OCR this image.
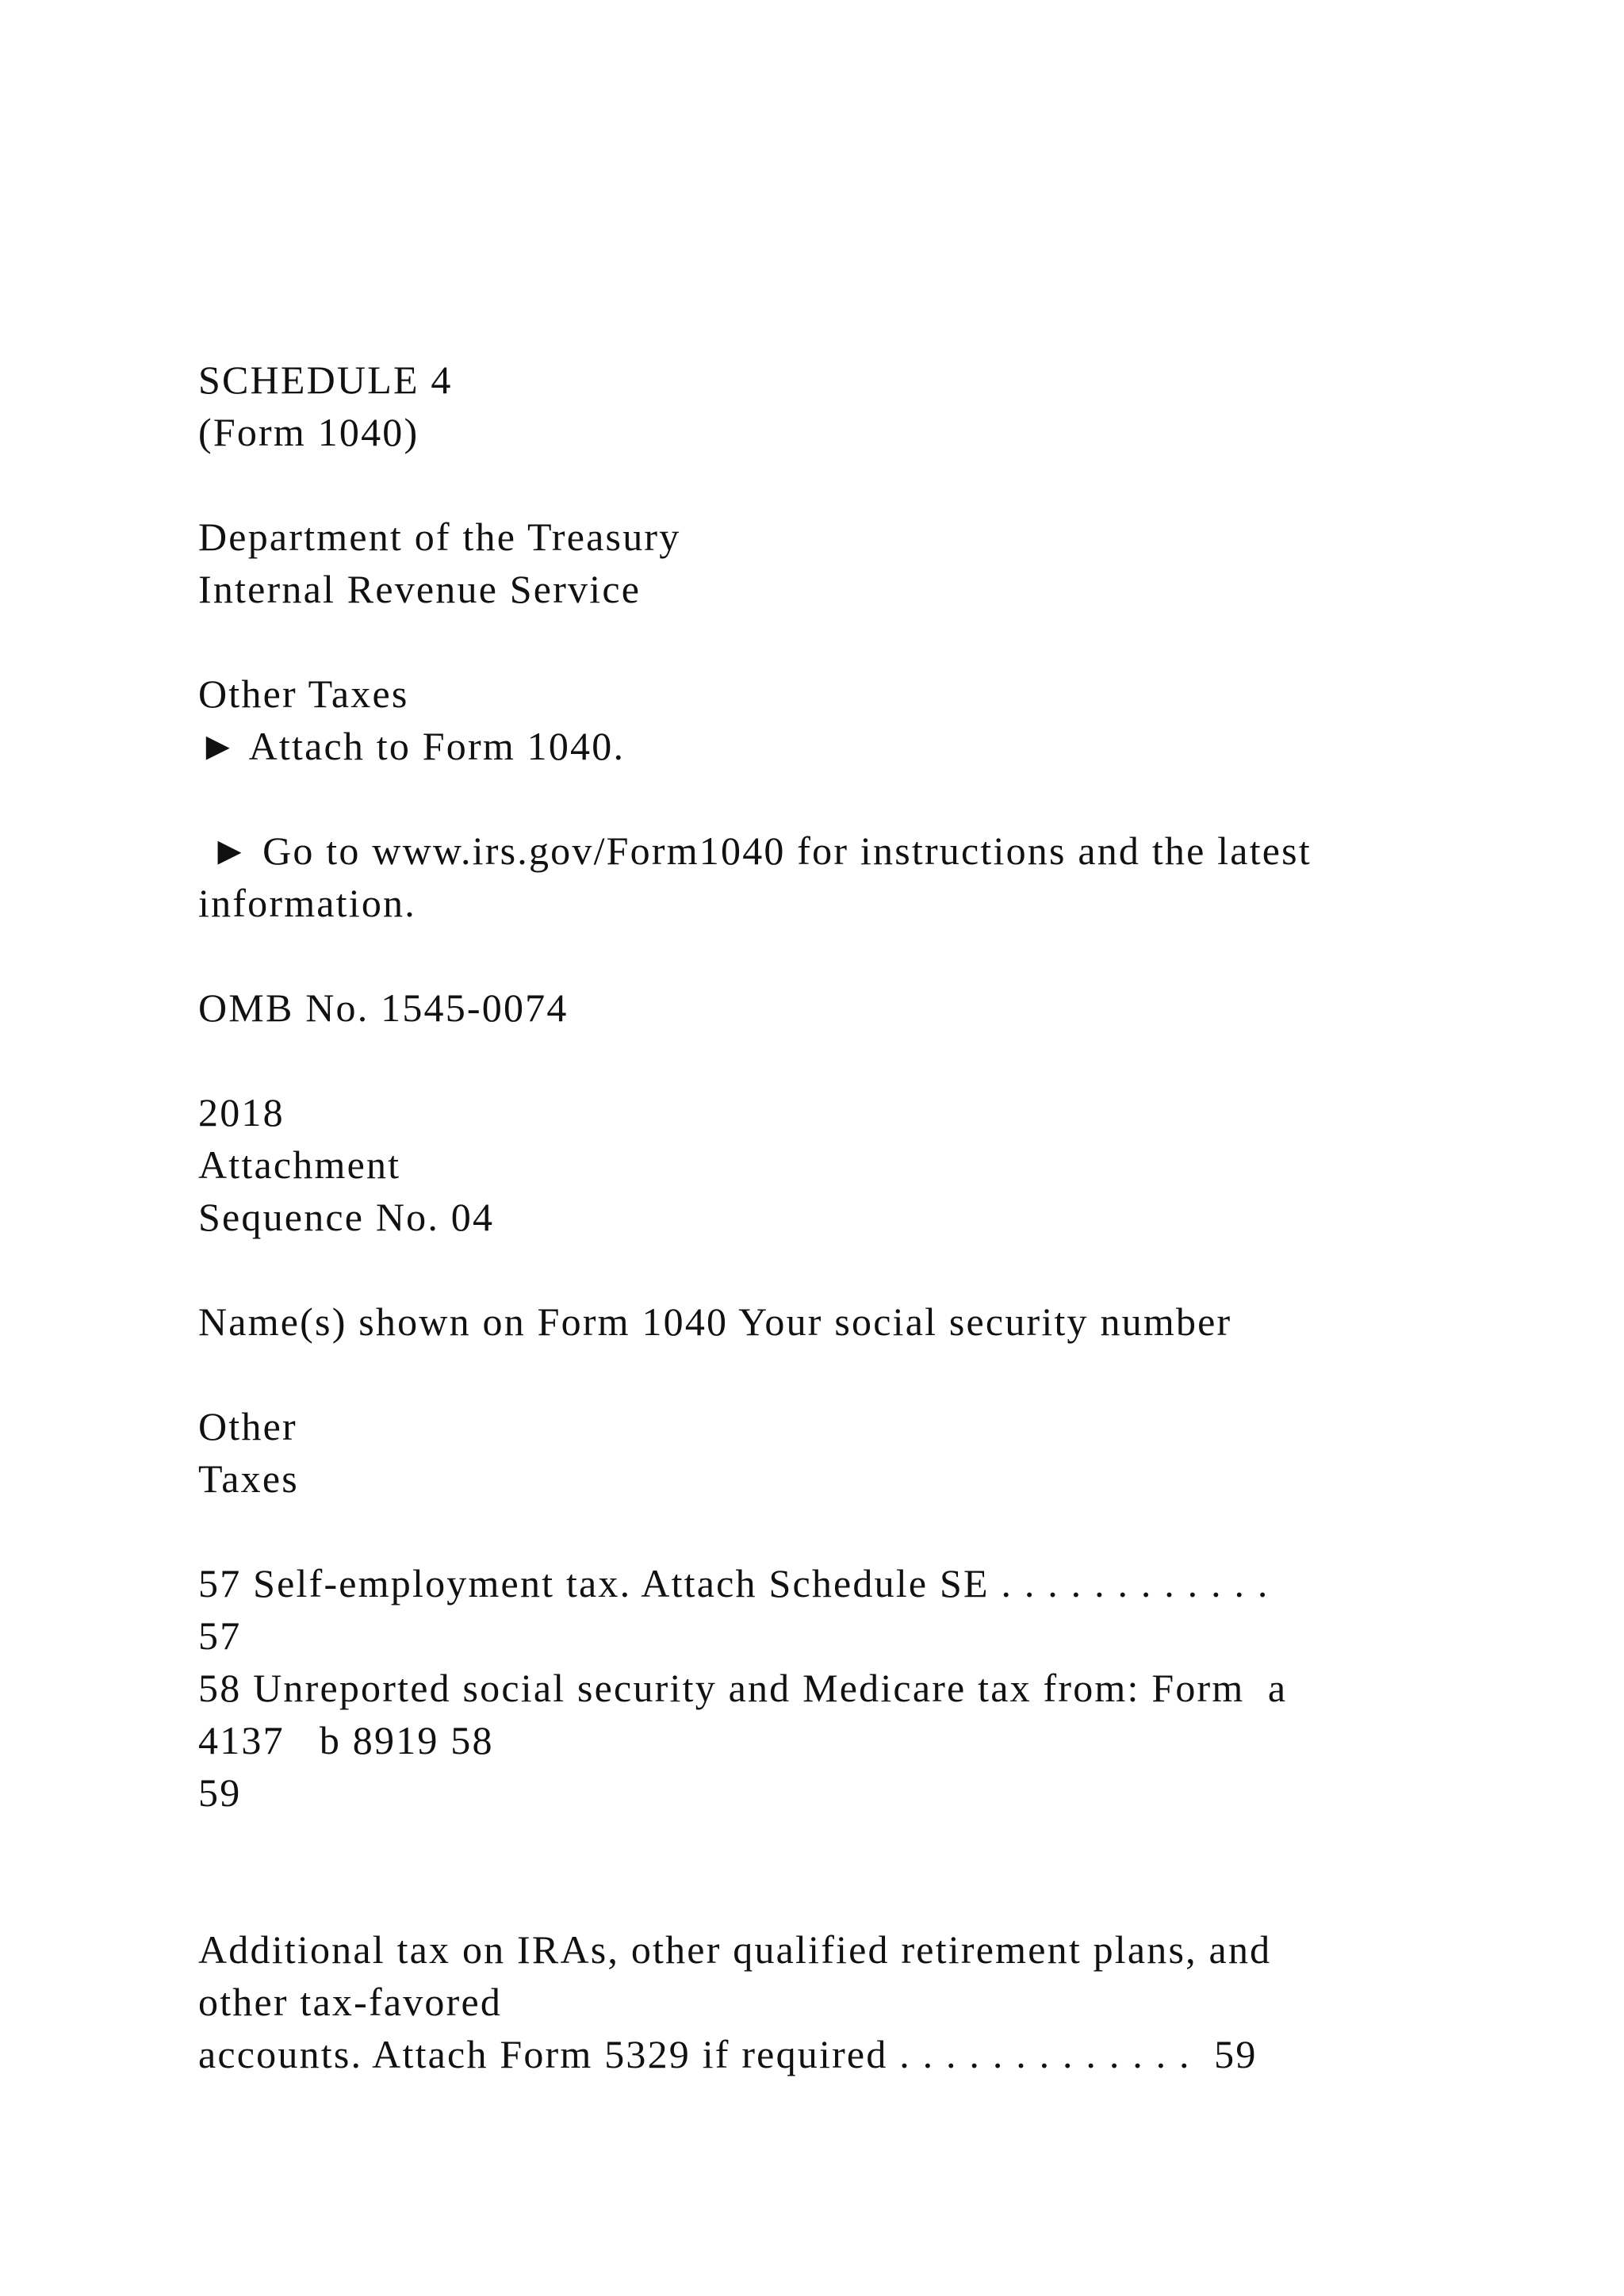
SCHEDULE 4

(Form 1040)

Department of the Treasury

Internal Revenue Service

Other Taxes

► Attach to Form 1040.

► Go to www.irs.gov/Form1040 for instructions and the latest

information.

OMB No. 1545-0074

2018

Attachment

Sequence No. 04

Name(s) shown on Form 1040 Your social security number

Other

Taxes

57 Self-employment tax. Attach Schedule SE . . . . . . . . . . . .

57

58 Unreported social security and Medicare tax from: Form  a

4137   b 8919 58

59

Additional tax on IRAs, other qualified retirement plans, and

other tax-favored

accounts. Attach Form 5329 if required . . . . . . . . . . . . .  59
